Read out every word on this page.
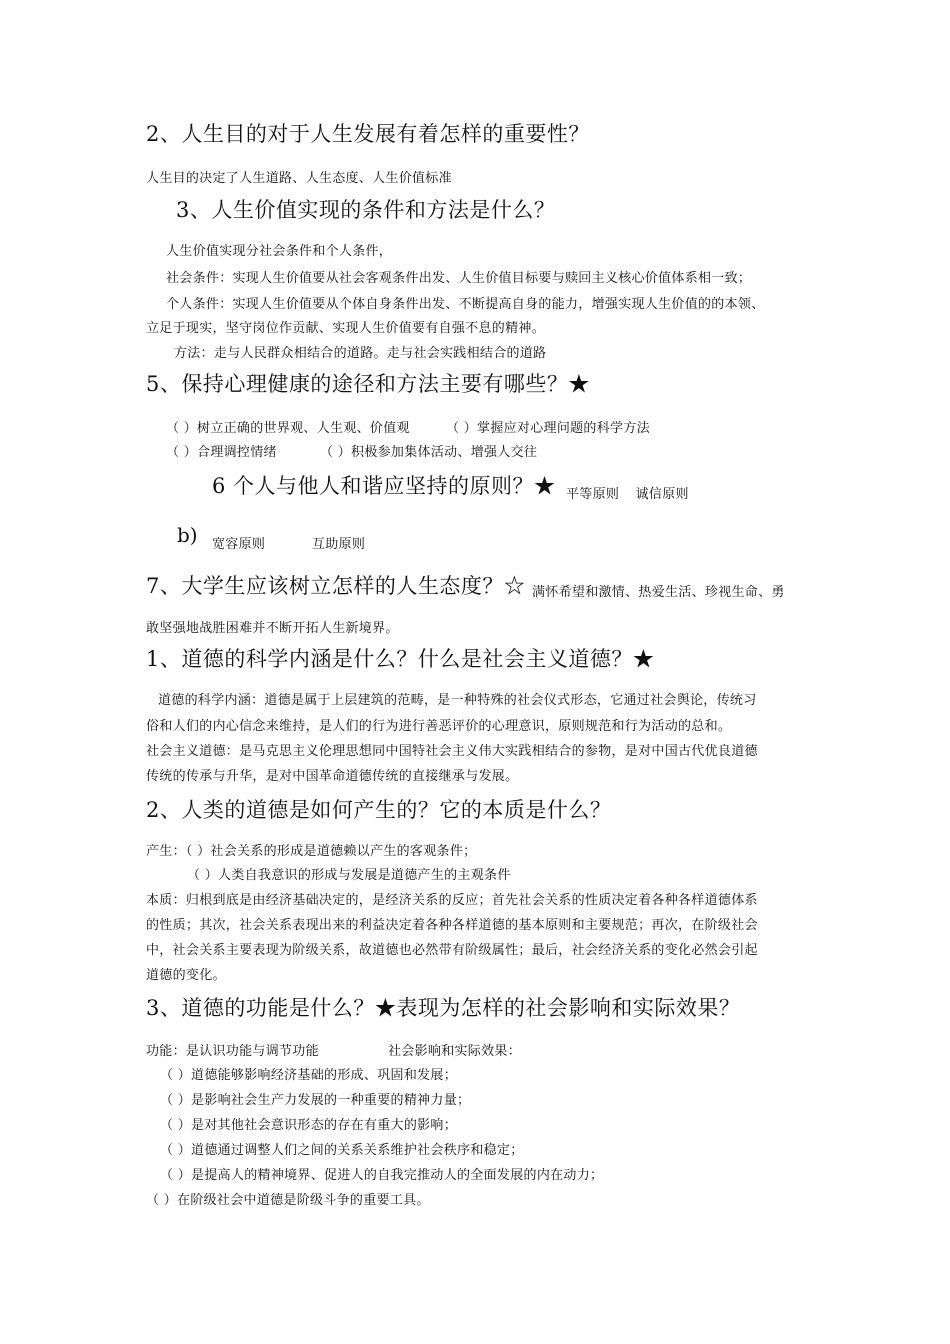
2、人生目的对于人生发展有着怎样的重要性？
人生目的决定了人生道路、人生态度、人生价值标准
3、人生价值实现的条件和方法是什么？
人生价值实现分社会条件和个人条件，
社会条件：实现人生价值要从社会客观条件出发、人生价值目标要与赎回主义核心价值体系相一致；
个人条件：实现人生价值要从个体自身条件出发、不断提高自身的能力，增强实现人生价值的的本领、
立足于现实，坚守岗位作贡献、实现人生价值要有自强不息的精神。
方法：走与人民群众相结合的道路。走与社会实践相结合的道路
5、保持心理健康的途径和方法主要有哪些？★
（ ）树立正确的世界观、人生观、价值观	（ ）掌握应对心理问题的科学方法
（ ）合理调控情绪	（ ）积极参加集体活动、增强人交往
6 个人与他人和谐应坚持的原则？★ 平等原则 诚信原则
b) 宽容原则	互助原则
7、大学生应该树立怎样的人生态度？☆ 满怀希望和激情、热爱生活、珍视生命、勇
敢坚强地战胜困难并不断开拓人生新境界。
1、道德的科学内涵是什么？什么是社会主义道德？★
道德的科学内涵：道德是属于上层建筑的范畴，是一种特殊的社会仪式形态，它通过社会舆论，传统习
俗和人们的内心信念来维持，是人们的行为进行善恶评价的心理意识，原则规范和行为活动的总和。
社会主义道德：是马克思主义伦理思想同中国特社会主义伟大实践相结合的参物，是对中国古代优良道德
传统的传承与升华，是对中国革命道德传统的直接继承与发展。
2、人类的道德是如何产生的？它的本质是什么？
产生：（ ）社会关系的形成是道德赖以产生的客观条件；
（ ）人类自我意识的形成与发展是道德产生的主观条件
本质：归根到底是由经济基础决定的，是经济关系的反应；首先社会关系的性质决定着各种各样道德体系
的性质；其次，社会关系表现出来的利益决定着各种各样道德的基本原则和主要规范；再次，在阶级社会
中，社会关系主要表现为阶级关系，故道德也必然带有阶级属性；最后，社会经济关系的变化必然会引起
道德的变化。
3、道德的功能是什么？★表现为怎样的社会影响和实际效果？
功能：是认识功能与调节功能	社会影响和实际效果：
（ ）道德能够影响经济基础的形成、巩固和发展；
（ ）是影响社会生产力发展的一种重要的精神力量；
（ ）是对其他社会意识形态的存在有重大的影响；
（ ）道德通过调整人们之间的关系关系维护社会秩序和稳定；
（ ）是提高人的精神境界、促进人的自我完推动人的全面发展的内在动力；
（ ）在阶级社会中道德是阶级斗争的重要工具。
